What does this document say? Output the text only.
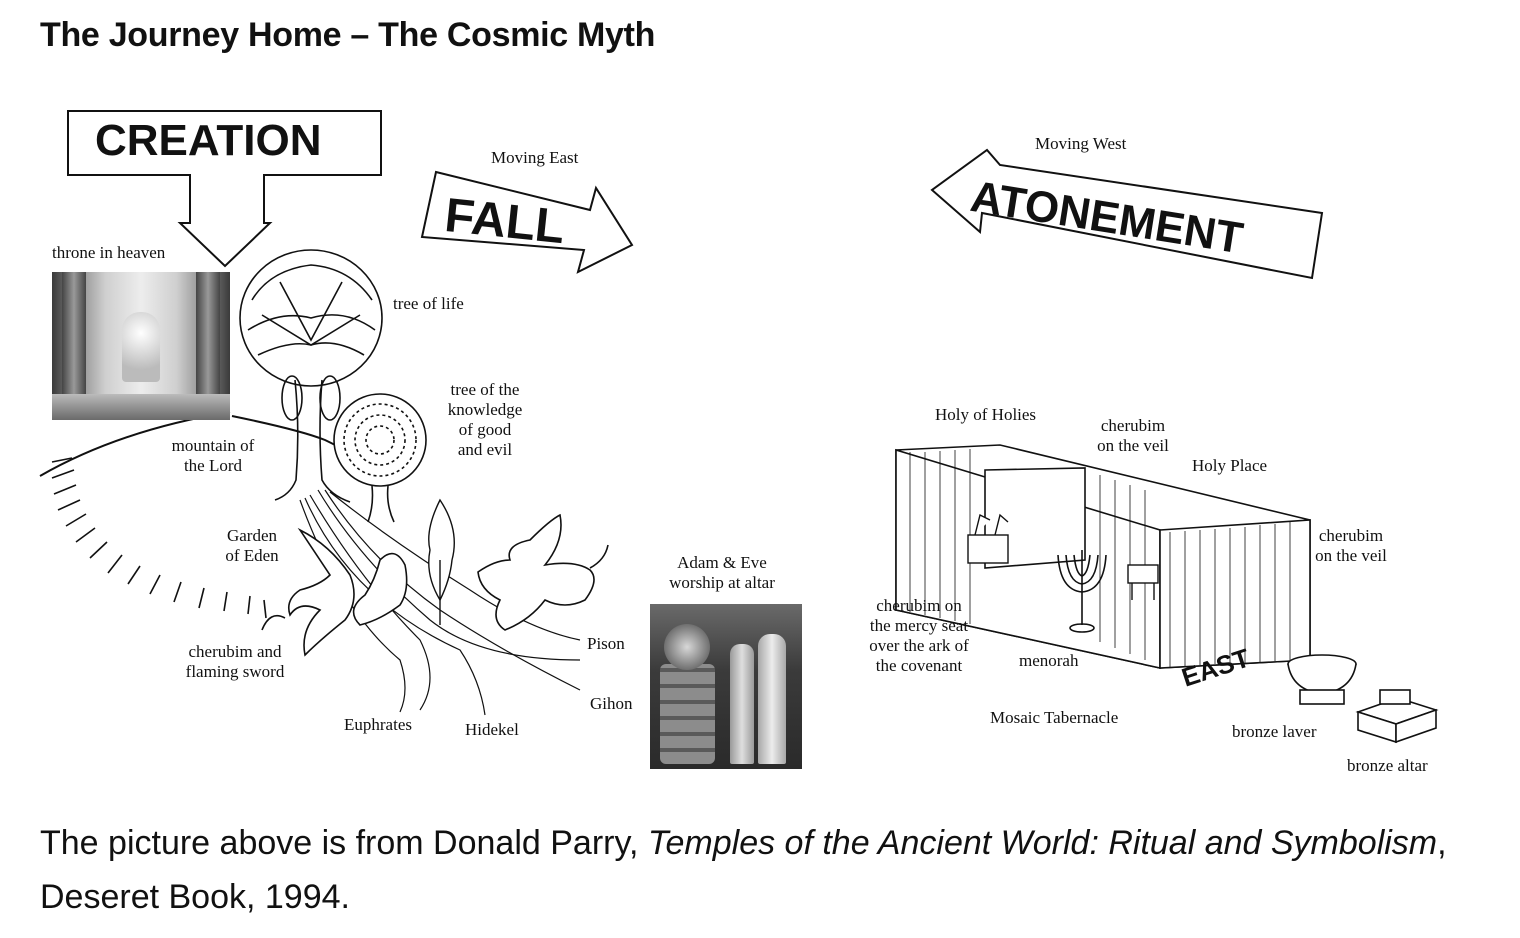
The Journey Home – The Cosmic Myth
CREATION
FALL	ATONEMENT
EAST
Moving East
Moving West
throne in heaven
tree of life
tree of the
knowledge
of good
and evil
mountain of
the Lord
Garden
of Eden
cherubim and
flaming sword
Euphrates	Hidekel
Pison
Gihon
Adam & Eve
worship at altar
Holy of Holies
cherubim
on the veil
Holy Place
cherubim
on the veil
cherubim on
the mercy seat
over the ark of
the covenant	menorah
Mosaic Tabernacle
bronze laver
bronze altar
The picture above is from Donald Parry, Temples of the Ancient World: Ritual and Symbolism, Deseret Book, 1994.
